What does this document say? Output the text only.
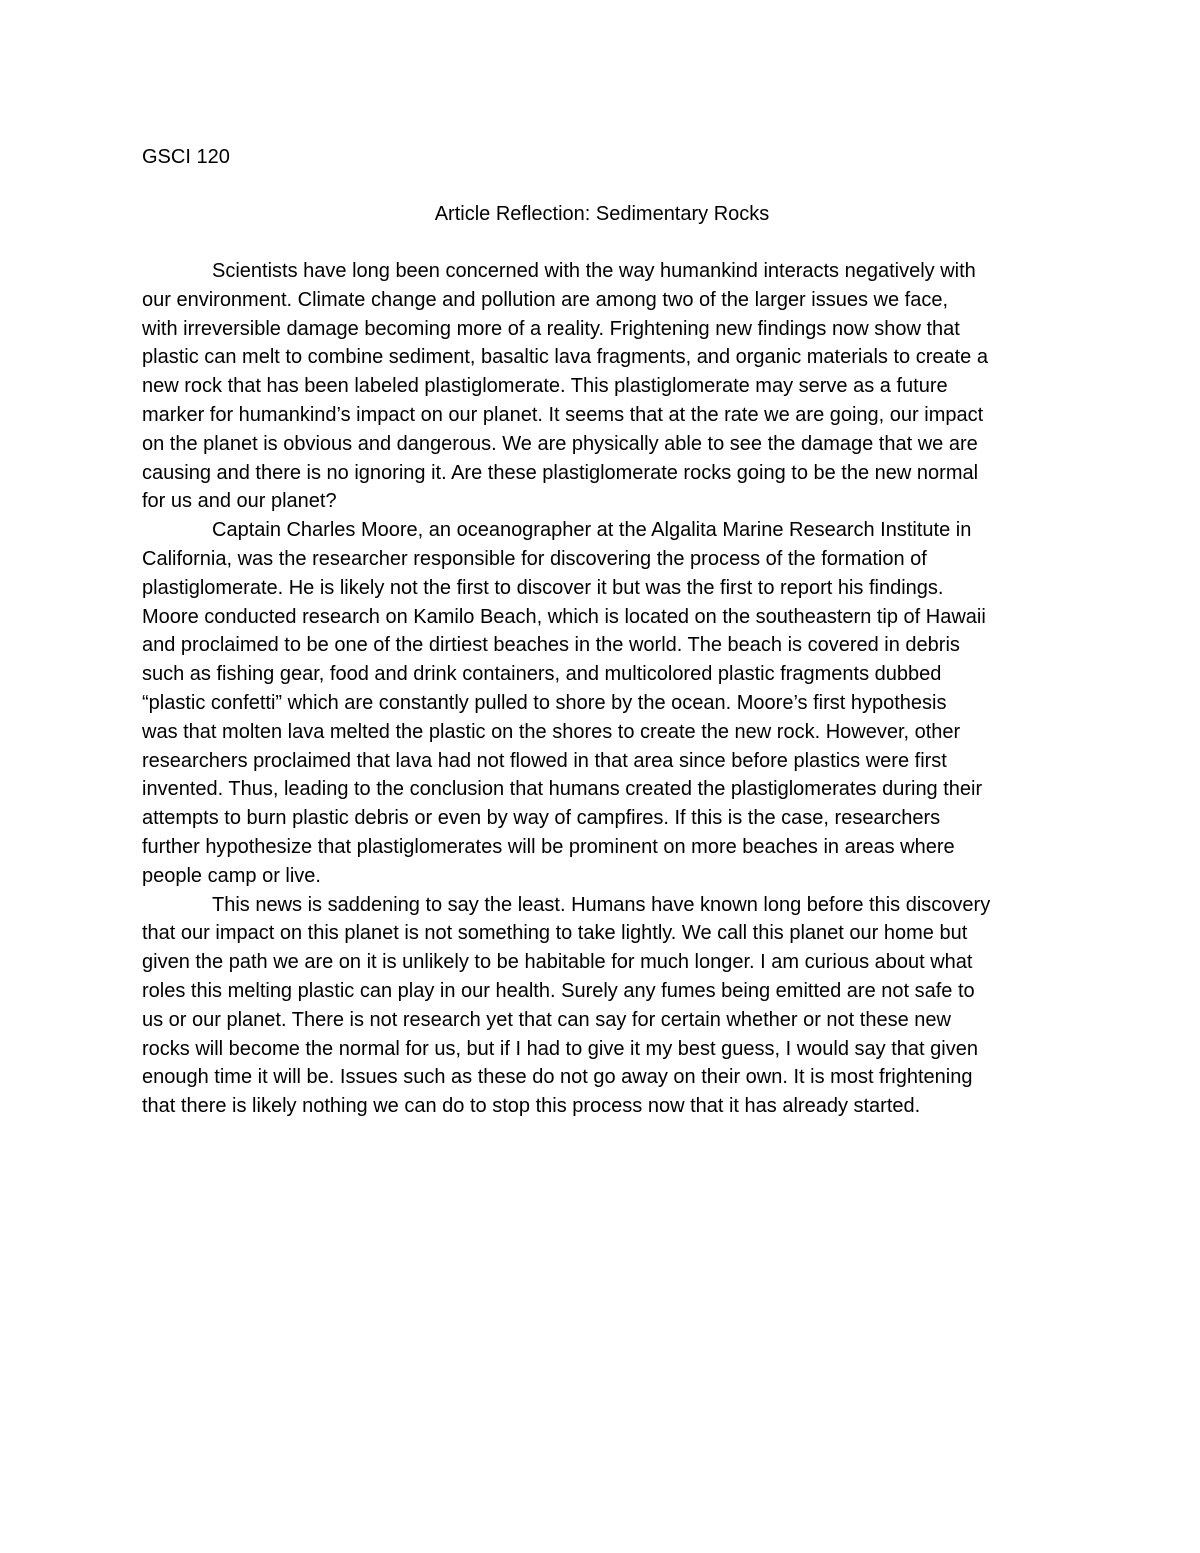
GSCI 120

Article Reflection: Sedimentary Rocks

Scientists have long been concerned with the way humankind interacts negatively with
our environment. Climate change and pollution are among two of the larger issues we face,
with irreversible damage becoming more of a reality. Frightening new findings now show that
plastic can melt to combine sediment, basaltic lava fragments, and organic materials to create a
new rock that has been labeled plastiglomerate. This plastiglomerate may serve as a future
marker for humankind’s impact on our planet. It seems that at the rate we are going, our impact
on the planet is obvious and dangerous. We are physically able to see the damage that we are
causing and there is no ignoring it. Are these plastiglomerate rocks going to be the new normal
for us and our planet?

Captain Charles Moore, an oceanographer at the Algalita Marine Research Institute in
California, was the researcher responsible for discovering the process of the formation of
plastiglomerate. He is likely not the first to discover it but was the first to report his findings.
Moore conducted research on Kamilo Beach, which is located on the southeastern tip of Hawaii
and proclaimed to be one of the dirtiest beaches in the world. The beach is covered in debris
such as fishing gear, food and drink containers, and multicolored plastic fragments dubbed
“plastic confetti” which are constantly pulled to shore by the ocean. Moore’s first hypothesis
was that molten lava melted the plastic on the shores to create the new rock. However, other
researchers proclaimed that lava had not flowed in that area since before plastics were first
invented. Thus, leading to the conclusion that humans created the plastiglomerates during their
attempts to burn plastic debris or even by way of campfires. If this is the case, researchers
further hypothesize that plastiglomerates will be prominent on more beaches in areas where
people camp or live.

This news is saddening to say the least. Humans have known long before this discovery
that our impact on this planet is not something to take lightly. We call this planet our home but
given the path we are on it is unlikely to be habitable for much longer. I am curious about what
roles this melting plastic can play in our health. Surely any fumes being emitted are not safe to
us or our planet. There is not research yet that can say for certain whether or not these new
rocks will become the normal for us, but if I had to give it my best guess, I would say that given
enough time it will be. Issues such as these do not go away on their own. It is most frightening
that there is likely nothing we can do to stop this process now that it has already started.
